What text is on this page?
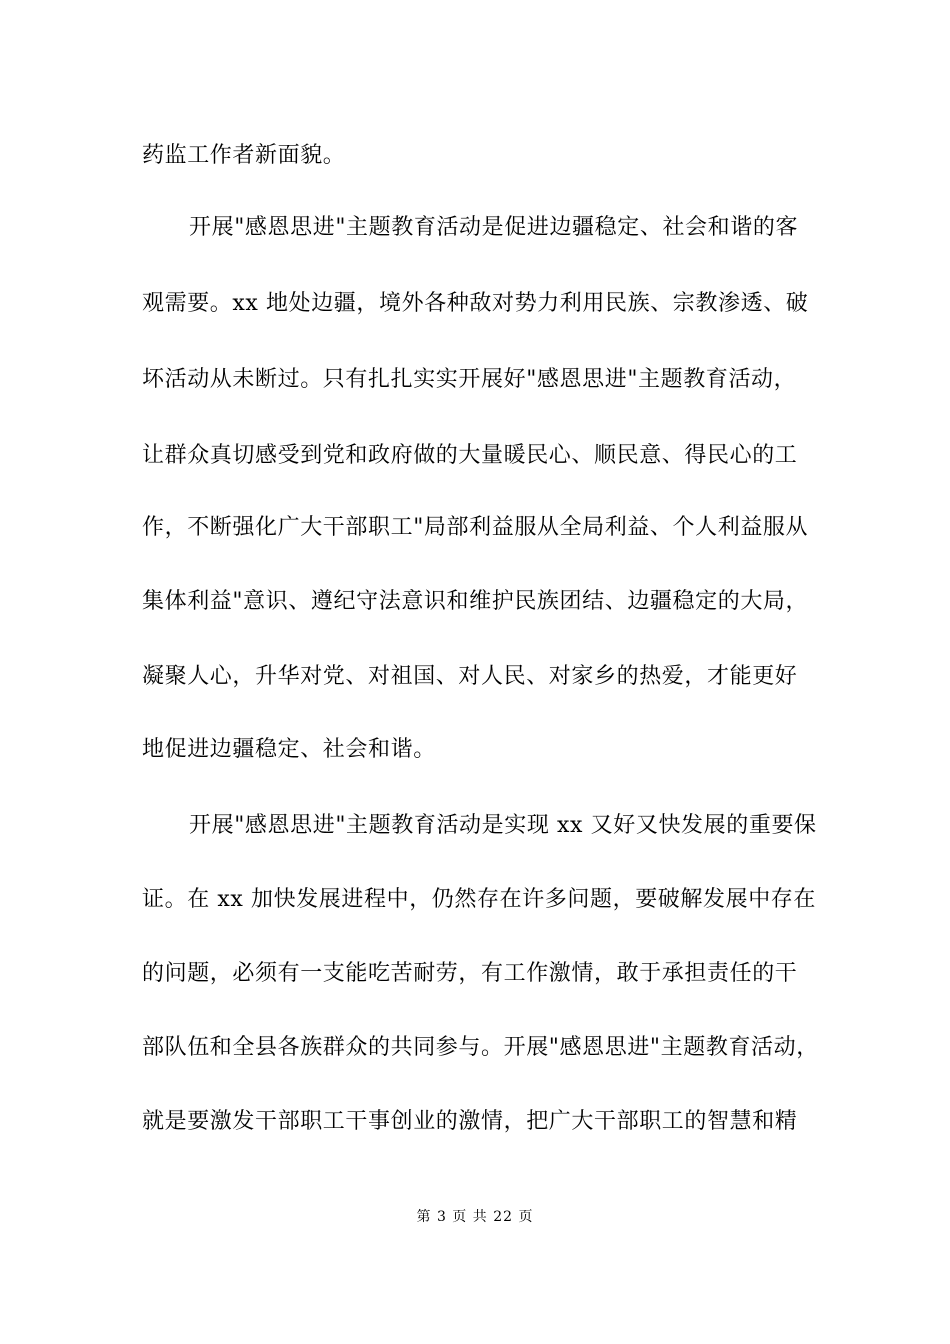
药监工作者新面貌。
开展"感恩思进"主题教育活动是促进边疆稳定、社会和谐的客
观需要。xx 地处边疆，境外各种敌对势力利用民族、宗教渗透、破
坏活动从未断过。只有扎扎实实开展好"感恩思进"主题教育活动，
让群众真切感受到党和政府做的大量暖民心、顺民意、得民心的工
作，不断强化广大干部职工"局部利益服从全局利益、个人利益服从
集体利益"意识、遵纪守法意识和维护民族团结、边疆稳定的大局，
凝聚人心，升华对党、对祖国、对人民、对家乡的热爱，才能更好
地促进边疆稳定、社会和谐。
开展"感恩思进"主题教育活动是实现 xx 又好又快发展的重要保
证。在 xx 加快发展进程中，仍然存在许多问题，要破解发展中存在
的问题，必须有一支能吃苦耐劳，有工作激情，敢于承担责任的干
部队伍和全县各族群众的共同参与。开展"感恩思进"主题教育活动，
就是要激发干部职工干事创业的激情，把广大干部职工的智慧和精
第 3 页 共 22 页
